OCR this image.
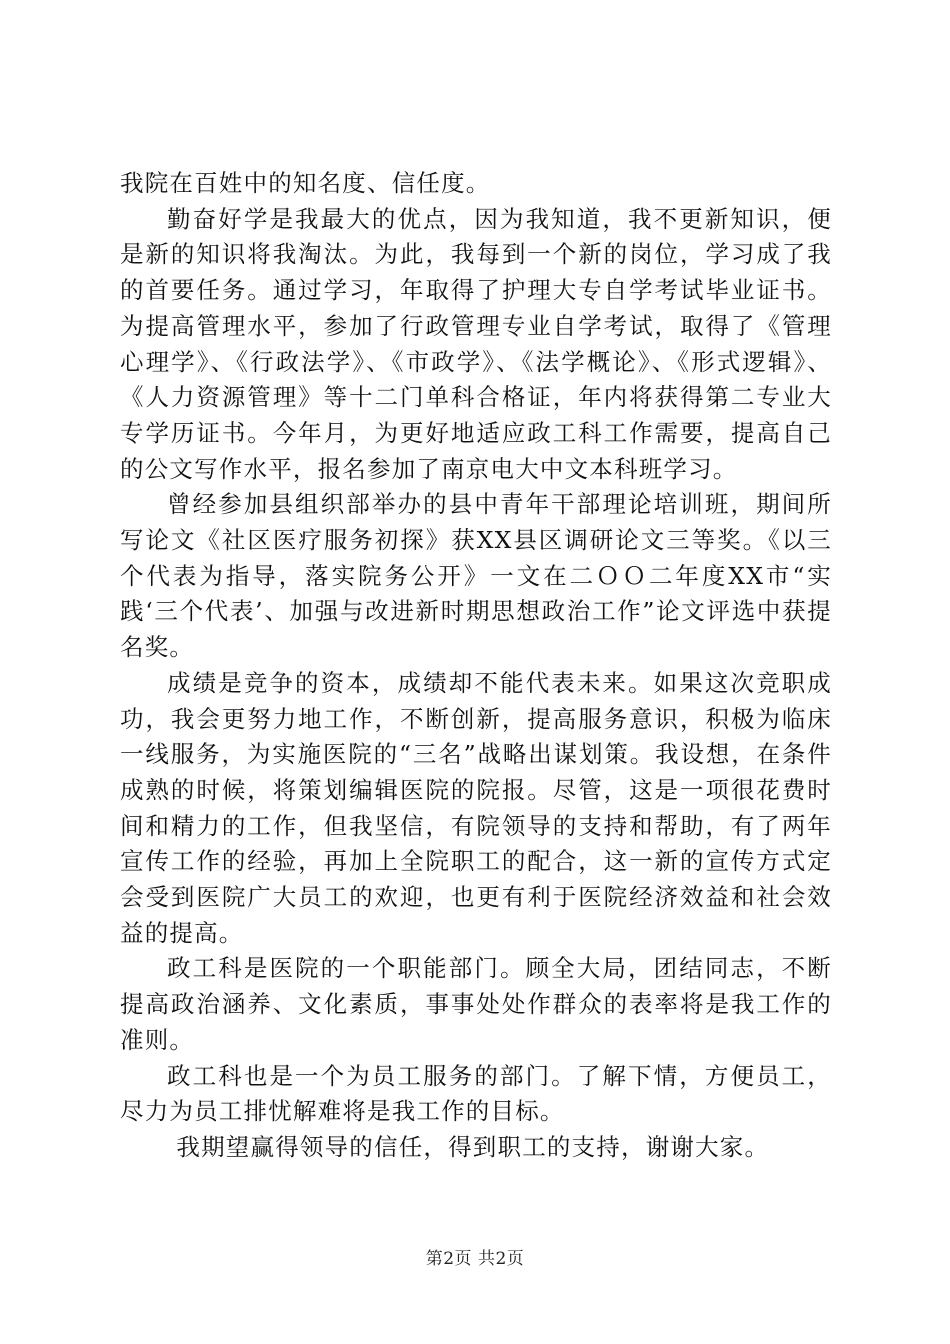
我院在百姓中的知名度、信任度。

勤奋好学是我最大的优点，因为我知道，我不更新知识，便是新的知识将我淘汰。为此，我每到一个新的岗位，学习成了我的首要任务。通过学习，年取得了护理大专自学考试毕业证书。为提高管理水平，参加了行政管理专业自学考试，取得了《管理心理学》、《行政法学》、《市政学》、《法学概论》、《形式逻辑》、《人力资源管理》等十二门单科合格证，年内将获得第二专业大专学历证书。今年月，为更好地适应政工科工作需要，提高自己的公文写作水平，报名参加了南京电大中文本科班学习。

曾经参加县组织部举办的县中青年干部理论培训班，期间所写论文《社区医疗服务初探》获XX县区调研论文三等奖。《以三个代表为指导，落实院务公开》一文在二ＯＯ二年度XX市“实践‘三个代表’、加强与改进新时期思想政治工作”论文评选中获提名奖。

成绩是竞争的资本，成绩却不能代表未来。如果这次竞职成功，我会更努力地工作，不断创新，提高服务意识，积极为临床一线服务，为实施医院的“三名”战略出谋划策。我设想，在条件成熟的时候，将策划编辑医院的院报。尽管，这是一项很花费时间和精力的工作，但我坚信，有院领导的支持和帮助，有了两年宣传工作的经验，再加上全院职工的配合，这一新的宣传方式定会受到医院广大员工的欢迎，也更有利于医院经济效益和社会效益的提高。

政工科是医院的一个职能部门。顾全大局，团结同志，不断提高政治涵养、文化素质，事事处处作群众的表率将是我工作的准则。

政工科也是一个为员工服务的部门。了解下情，方便员工，尽力为员工排忧解难将是我工作的目标。

我期望赢得领导的信任，得到职工的支持，谢谢大家。

第2页 共2页
